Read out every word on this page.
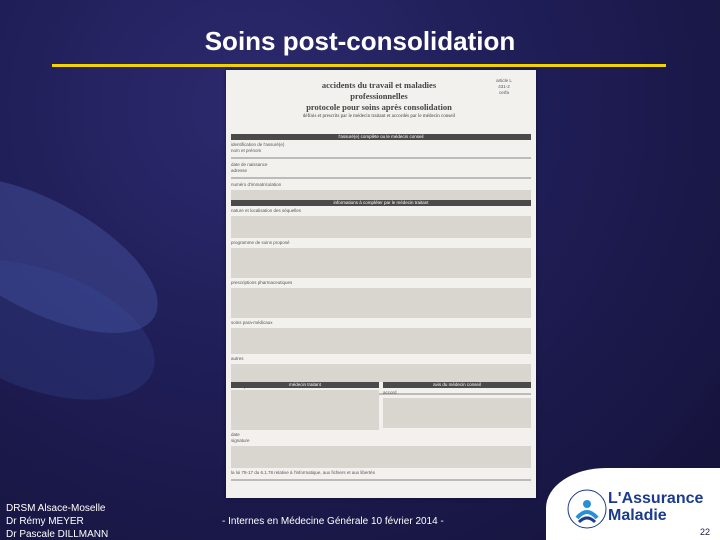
Soins post-consolidation
accidents du travail et maladies
professionnelles
protocole pour soins après consolidation
définis et prescrits par le médecin traitant et accordés par le médecin conseil
article L
431-2
cerfa
l'assuré(e) complète ou le médecin conseil
identification de l'assuré(e)
nom et prénom
date de naissance
adresse
numéro d'immatriculation
informations à compléter par le médecin traitant
nature et localisation des séquelles
programme de soins proposé
prescriptions pharmaceutiques
soins para-médicaux
autres
médecin traitant	avis du médecin conseil
accord
date
signature
la loi 78-17 du 6.1.78 relative à l'informatique, aux fichiers et aux libertés
DRSM Alsace-Moselle
Dr Rémy MEYER
Dr Pascale DILLMANN
- Internes en Médecine Générale 10 février 2014 -
L'Assurance
Maladie
22
